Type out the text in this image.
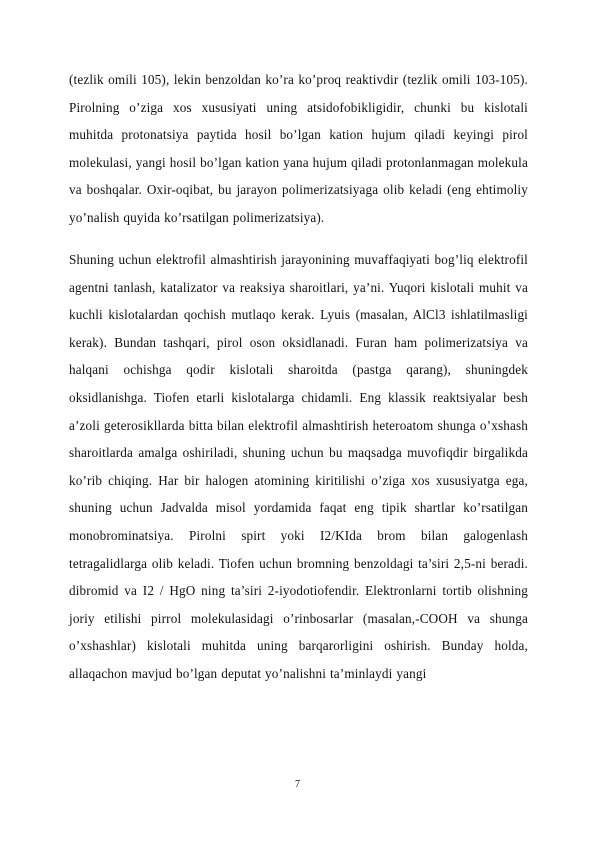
(tezlik omili 105), lekin benzoldan ko’ra ko’proq reaktivdir (tezlik omili 103-105). Pirolning o’ziga xos xususiyati uning atsidofobikligidir, chunki bu kislotali muhitda protonatsiya paytida hosil bo’lgan kation hujum qiladi keyingi pirol molekulasi, yangi hosil bo’lgan kation yana hujum qiladi protonlanmagan molekula va boshqalar. Oxir-oqibat, bu jarayon polimerizatsiyaga olib keladi (eng ehtimoliy yo’nalish quyida ko’rsatilgan polimerizatsiya).
Shuning uchun elektrofil almashtirish jarayonining muvaffaqiyati bog’liq elektrofil agentni tanlash, katalizator va reaksiya sharoitlari, ya’ni. Yuqori kislotali muhit va kuchli kislotalardan qochish mutlaqo kerak. Lyuis (masalan, AlCl3 ishlatilmasligi kerak). Bundan tashqari, pirol oson oksidlanadi. Furan ham polimerizatsiya va halqani ochishga qodir kislotali sharoitda (pastga qarang), shuningdek oksidlanishga. Tiofen etarli kislotalarga chidamli. Eng klassik reaktsiyalar besh a’zoli geterosikllarda bitta bilan elektrofil almashtirish heteroatom shunga o’xshash sharoitlarda amalga oshiriladi, shuning uchun bu maqsadga muvofiqdir birgalikda ko’rib chiqing. Har bir halogen atomining kiritilishi o’ziga xos xususiyatga ega, shuning uchun Jadvalda misol yordamida faqat eng tipik shartlar ko’rsatilgan monobrominatsiya. Pirolni spirt yoki I2/KIda brom bilan galogenlash tetragalidlarga olib keladi. Tiofen uchun bromning benzoldagi ta’siri 2,5-ni beradi. dibromid va I2 / HgO ning ta’siri 2-iyodotiofendir. Elektronlarni tortib olishning joriy etilishi pirrol molekulasidagi o’rinbosarlar (masalan,-COOH va shunga o’xshashlar) kislotali muhitda uning barqarorligini oshirish. Bunday holda, allaqachon mavjud bo’lgan deputat yo’nalishni ta’minlaydi yangi
7
